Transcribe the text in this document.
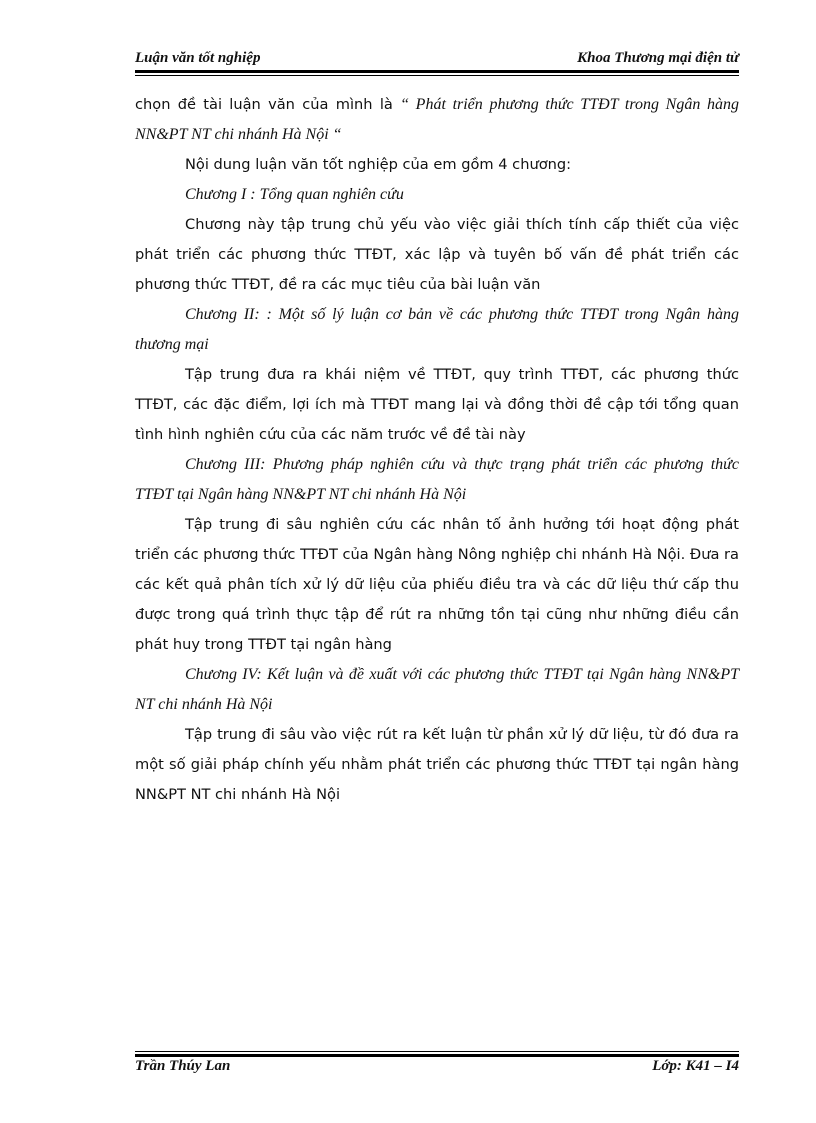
Luận văn tốt nghiệp	Khoa Thương mại điện tử

chọn đề tài luận văn của mình là “ Phát triển phương thức TTĐT trong Ngân hàng NN&PT NT chi nhánh Hà Nội “

Nội dung luận văn tốt nghiệp của em gồm 4 chương:

Chương I : Tổng quan nghiên cứu

Chương này tập trung chủ yếu vào việc giải thích tính cấp thiết của việc phát triển các phương thức TTĐT, xác lập và tuyên bố vấn đề phát triển các phương thức TTĐT, đề ra các mục tiêu của bài luận văn

Chương II: : Một số lý luận cơ bản về các phương thức TTĐT trong Ngân hàng thương mại

Tập trung đưa ra khái niệm về TTĐT, quy trình TTĐT, các phương thức TTĐT, các đặc điểm, lợi ích mà TTĐT mang lại và đồng thời đề cập tới tổng quan tình hình nghiên cứu của các năm trước về đề tài này

Chương III: Phương pháp nghiên cứu và thực trạng phát triển các phương thức TTĐT tại Ngân hàng NN&PT NT chi nhánh Hà Nội

Tập trung đi sâu nghiên cứu các nhân tố ảnh hưởng tới hoạt động phát triển các phương thức TTĐT của Ngân hàng Nông nghiệp chi nhánh Hà Nội. Đưa ra các kết quả phân tích xử lý dữ liệu của phiếu điều tra và các dữ liệu thứ cấp thu được trong quá trình thực tập để rút ra những tồn tại cũng như những điều cần phát huy trong TTĐT tại ngân hàng

Chương IV: Kết luận và đề xuất với các phương thức TTĐT tại Ngân hàng NN&PT NT chi nhánh Hà Nội

Tập trung đi sâu vào việc rút ra kết luận từ phần xử lý dữ liệu, từ đó đưa ra một số giải pháp chính yếu nhằm phát triển các phương thức TTĐT tại ngân hàng NN&PT NT chi nhánh Hà Nội

Trần Thúy Lan	Lớp: K41 – I4
